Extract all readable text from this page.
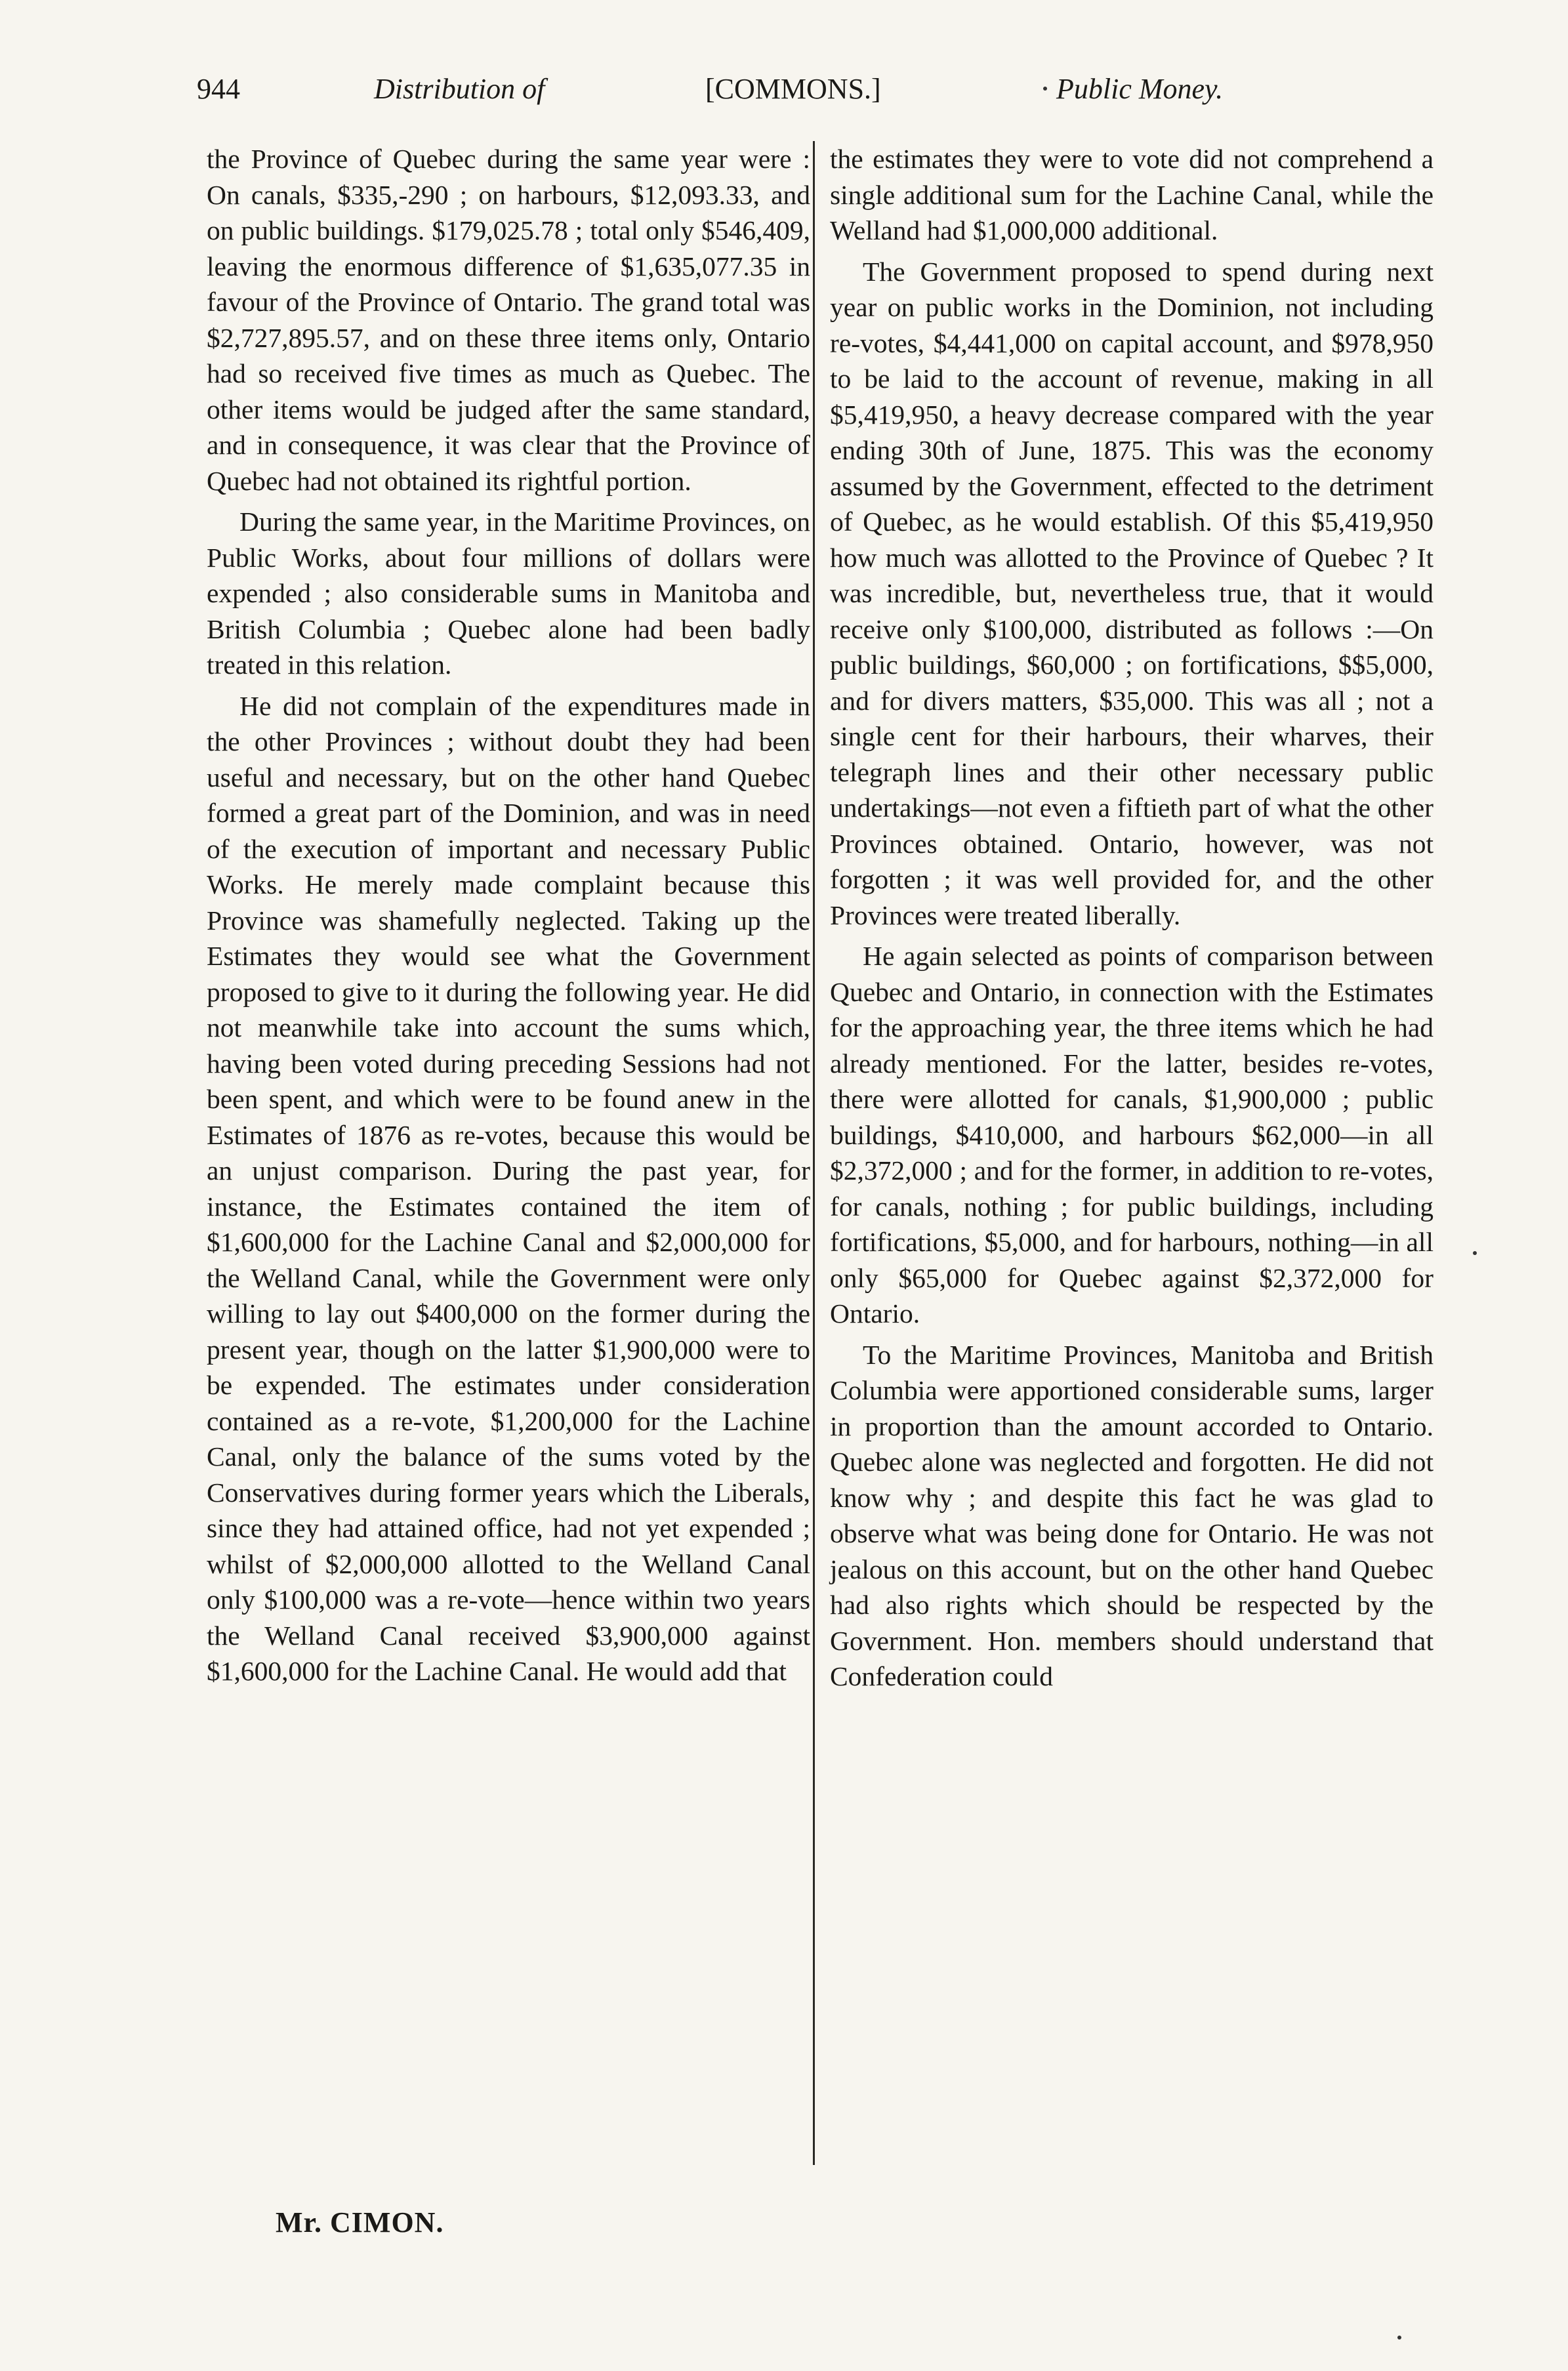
944	Distribution of	[COMMONS.]	Public Money.

the Province of Quebec during the same year were : On canals, $335,-290 ; on harbours, $12,093.33, and on public buildings. $179,025.78 ; total only $546,409, leaving the enormous difference of $1,635,077.35 in favour of the Province of Ontario. The grand total was $2,727,895.57, and on these three items only, Ontario had so received five times as much as Quebec. The other items would be judged after the same standard, and in consequence, it was clear that the Province of Quebec had not obtained its rightful portion.

During the same year, in the Maritime Provinces, on Public Works, about four millions of dollars were expended ; also considerable sums in Manitoba and British Columbia ; Quebec alone had been badly treated in this relation.

He did not complain of the expenditures made in the other Provinces ; without doubt they had been useful and necessary, but on the other hand Quebec formed a great part of the Dominion, and was in need of the execution of important and necessary Public Works. He merely made complaint because this Province was shamefully neglected. Taking up the Estimates they would see what the Government proposed to give to it during the following year. He did not meanwhile take into account the sums which, having been voted during preceding Sessions had not been spent, and which were to be found anew in the Estimates of 1876 as re-votes, because this would be an unjust comparison. During the past year, for instance, the Estimates contained the item of $1,600,000 for the Lachine Canal and $2,000,000 for the Welland Canal, while the Government were only willing to lay out $400,000 on the former during the present year, though on the latter $1,900,000 were to be expended. The estimates under consideration contained as a re-vote, $1,200,000 for the Lachine Canal, only the balance of the sums voted by the Conservatives during former years which the Liberals, since they had attained office, had not yet expended ; whilst of $2,000,000 allotted to the Welland Canal only $100,000 was a re-vote—hence within two years the Welland Canal received $3,900,000 against $1,600,000 for the Lachine Canal. He would add that

the estimates they were to vote did not comprehend a single additional sum for the Lachine Canal, while the Welland had $1,000,000 additional.

The Government proposed to spend during next year on public works in the Dominion, not including re-votes, $4,441,000 on capital account, and $978,950 to be laid to the account of revenue, making in all $5,419,950, a heavy decrease compared with the year ending 30th of June, 1875. This was the economy assumed by the Government, effected to the detriment of Quebec, as he would establish. Of this $5,419,950 how much was allotted to the Province of Quebec ? It was incredible, but, nevertheless true, that it would receive only $100,000, distributed as follows :—On public buildings, $60,000 ; on fortifications, $$5,000, and for divers matters, $35,000. This was all ; not a single cent for their harbours, their wharves, their telegraph lines and their other necessary public undertakings—not even a fiftieth part of what the other Provinces obtained. Ontario, however, was not forgotten ; it was well provided for, and the other Provinces were treated liberally.

He again selected as points of comparison between Quebec and Ontario, in connection with the Estimates for the approaching year, the three items which he had already mentioned. For the latter, besides re-votes, there were allotted for canals, $1,900,000 ; public buildings, $410,000, and harbours $62,000—in all $2,372,000 ; and for the former, in addition to re-votes, for canals, nothing ; for public buildings, including fortifications, $5,000, and for harbours, nothing—in all only $65,000 for Quebec against $2,372,000 for Ontario.

To the Maritime Provinces, Manitoba and British Columbia were apportioned considerable sums, larger in proportion than the amount accorded to Ontario. Quebec alone was neglected and forgotten. He did not know why ; and despite this fact he was glad to observe what was being done for Ontario. He was not jealous on this account, but on the other hand Quebec had also rights which should be respected by the Government. Hon. members should understand that Confederation could

Mr. CIMON.
